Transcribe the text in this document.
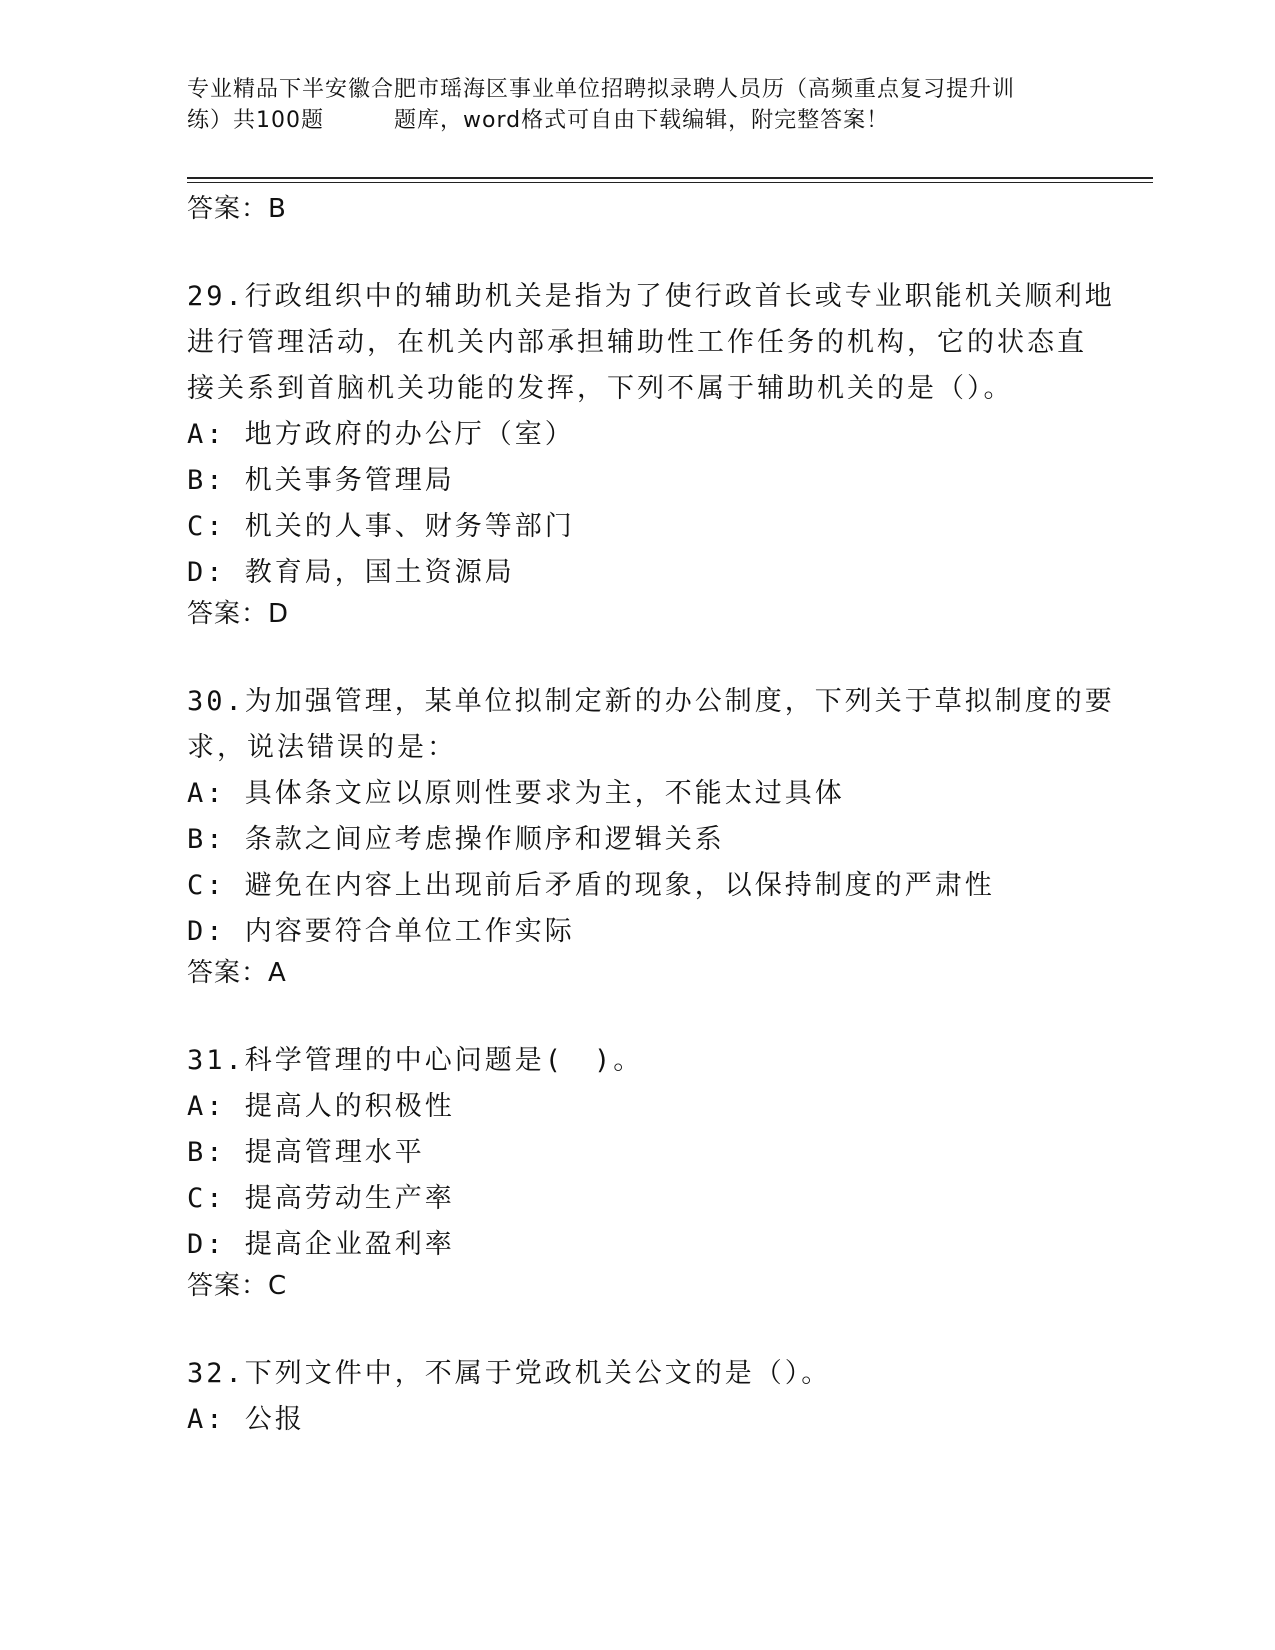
专业精品下半安徽合肥市瑶海区事业单位招聘拟录聘人员历（高频重点复习提升训
练）共100题	题库，word格式可自由下载编辑，附完整答案！

答案：B

29.行政组织中的辅助机关是指为了使行政首长或专业职能机关顺利地

进行管理活动，在机关内部承担辅助性工作任务的机构，它的状态直

接关系到首脑机关功能的发挥，下列不属于辅助机关的是（）。

A: 地方政府的办公厅（室）

B: 机关事务管理局

C: 机关的人事、财务等部门

D: 教育局，国土资源局

答案：D

30.为加强管理，某单位拟制定新的办公制度，下列关于草拟制度的要

求，说法错误的是：

A: 具体条文应以原则性要求为主，不能太过具体

B: 条款之间应考虑操作顺序和逻辑关系

C: 避免在内容上出现前后矛盾的现象，以保持制度的严肃性

D: 内容要符合单位工作实际

答案：A

31.科学管理的中心问题是(　)。

A: 提高人的积极性

B: 提高管理水平

C: 提高劳动生产率

D: 提高企业盈利率

答案：C

32.下列文件中，不属于党政机关公文的是（）。

A: 公报
